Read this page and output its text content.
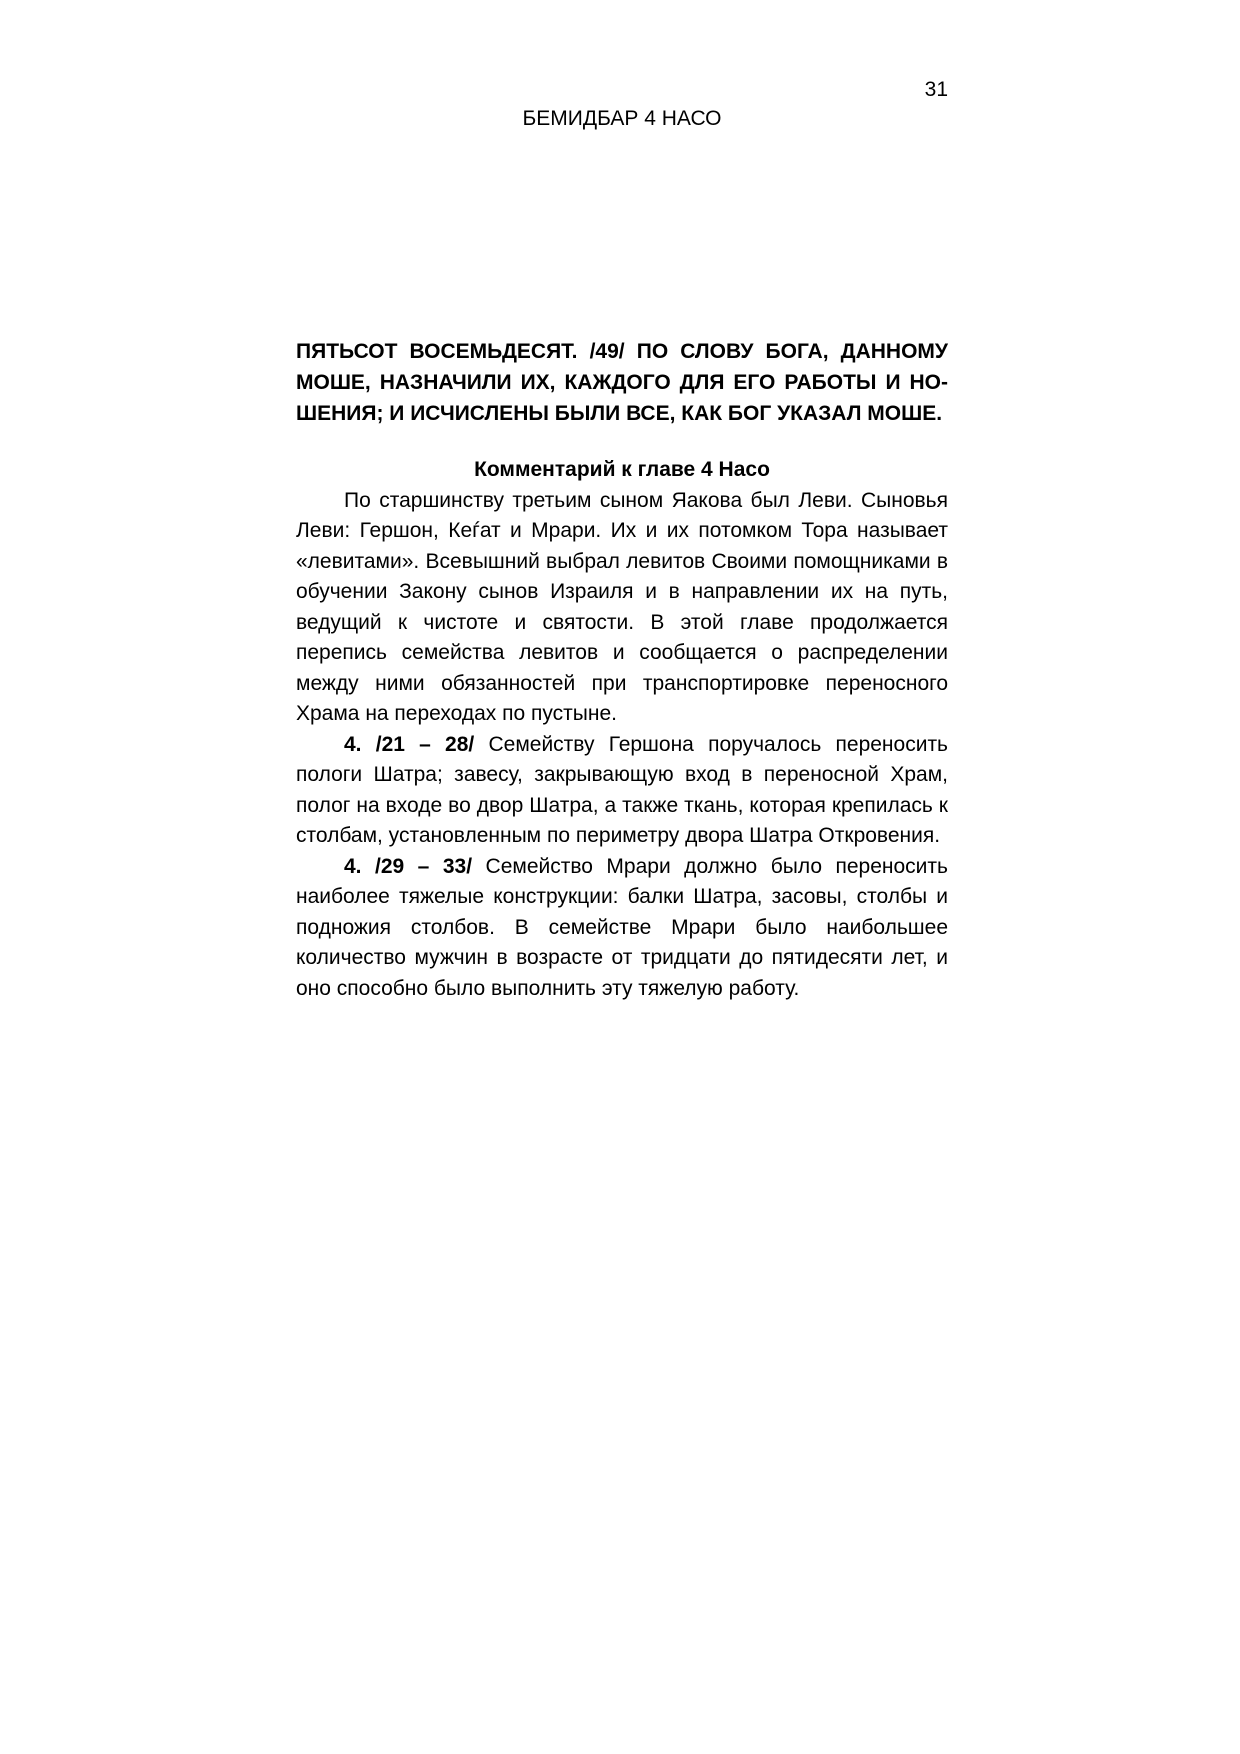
31
БЕМИДБАР 4 НАСО

ПЯТЬСОТ ВОСЕМЬДЕСЯТ. /49/ ПО СЛОВУ БОГА, ДАННОМУ МОШЕ, НАЗНАЧИЛИ ИХ, КАЖДОГО ДЛЯ ЕГО РАБОТЫ И НОШЕНИЯ; И ИСЧИСЛЕНЫ БЫЛИ ВСЕ, КАК БОГ УКАЗАЛ МОШЕ.

Комментарий к главе 4 Насо

По старшинству третьим сыном Яакова был Леви. Сыновья Леви: Гершон, Кеѓат и Мрари. Их и их потомком Тора называет «левитами». Всевышний выбрал левитов Своими помощниками в обучении Закону сынов Израиля и в направлении их на путь, ведущий к чистоте и святости. В этой главе продолжается перепись семейства левитов и сообщается о распределении между ними обязанностей при транспортировке переносного Храма на переходах по пустыне.

4. /21 – 28/ Семейству Гершона поручалось переносить пологи Шатра; завесу, закрывающую вход в переносной Храм, полог на входе во двор Шатра, а также ткань, которая крепилась к столбам, установленным по периметру двора Шатра Откровения.

4. /29 – 33/ Семейство Мрари должно было переносить наиболее тяжелые конструкции: балки Шатра, засовы, столбы и подножия столбов. В семействе Мрари было наибольшее количество мужчин в возрасте от тридцати до пятидесяти лет, и оно способно было выполнить эту тяжелую работу.
